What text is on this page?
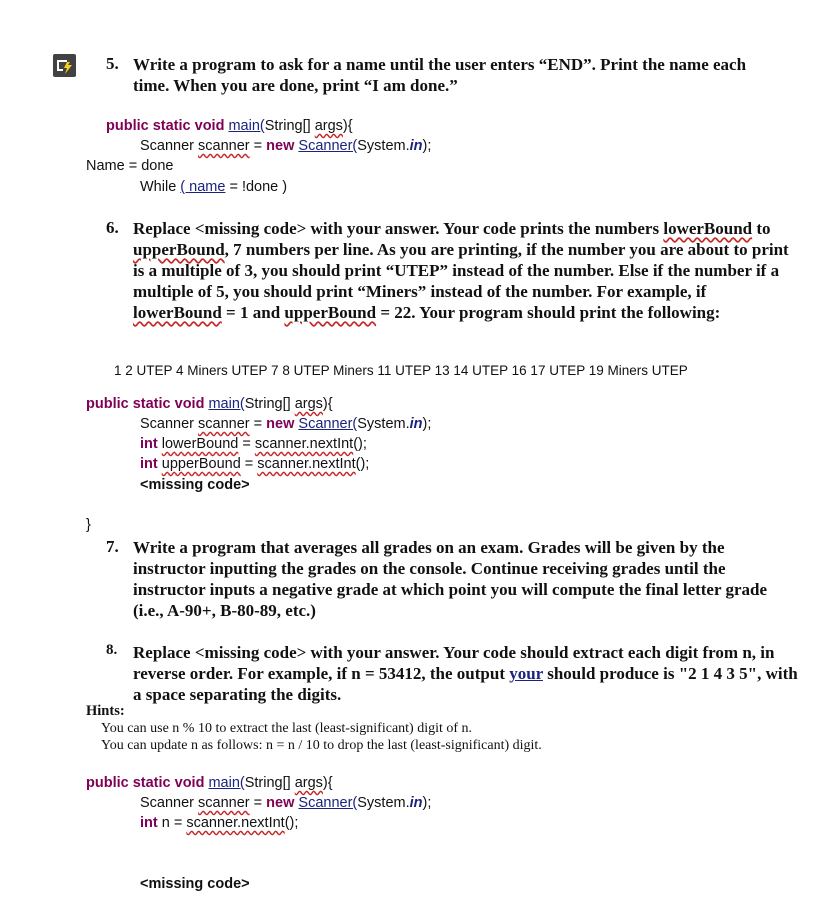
5. Write a program to ask for a name until the user enters “END”. Print the name each time. When you are done, print “I am done.”
public static void main(String[] args){
Scanner scanner = new Scanner(System.in);
Name = done
While ( name = !done )
6. Replace <missing code> with your answer. Your code prints the numbers lowerBound to upperBound, 7 numbers per line. As you are printing, if the number you are about to print is a multiple of 3, you should print “UTEP” instead of the number. Else if the number if a multiple of 5, you should print “Miners” instead of the number. For example, if lowerBound = 1 and upperBound = 22. Your program should print the following:
1 2 UTEP 4 Miners UTEP 7 8 UTEP Miners 11 UTEP 13 14 UTEP 16 17 UTEP 19 Miners UTEP
public static void main(String[] args){
Scanner scanner = new Scanner(System.in);
int lowerBound = scanner.nextInt();
int upperBound = scanner.nextInt();
<missing code>
}
7. Write a program that averages all grades on an exam. Grades will be given by the instructor inputting the grades on the console. Continue receiving grades until the instructor inputs a negative grade at which point you will compute the final letter grade (i.e., A-90+, B-80-89, etc.)
8. Replace <missing code> with your answer. Your code should extract each digit from n, in reverse order. For example, if n = 53412, the output your should produce is "2 1 4 3 5", with a space separating the digits.
Hints:
You can use n % 10 to extract the last (least-significant) digit of n.
You can update n as follows: n = n / 10 to drop the last (least-significant) digit.
public static void main(String[] args){
Scanner scanner = new Scanner(System.in);
int n = scanner.nextInt();
<missing code>
